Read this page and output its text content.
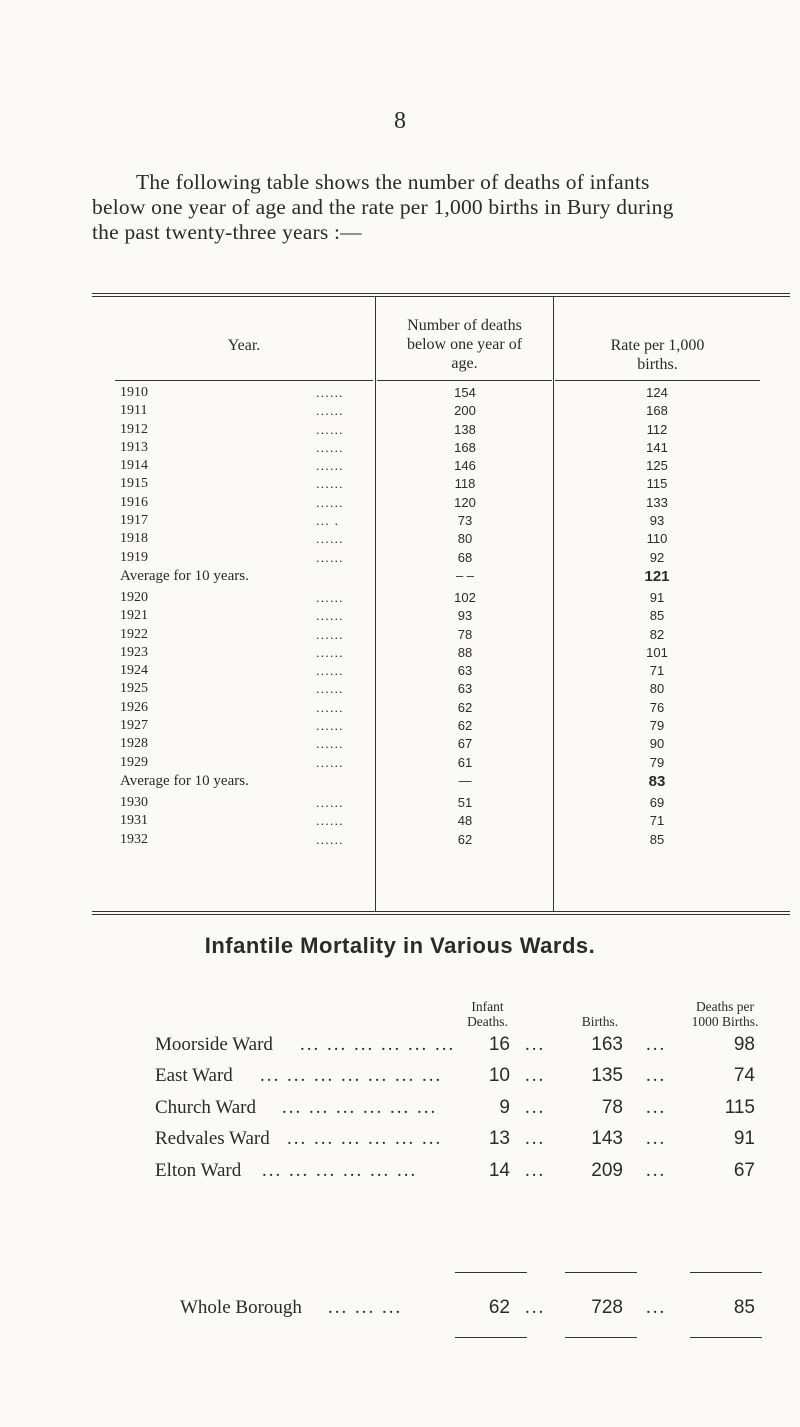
8
The following table shows the number of deaths of infants
below one year of age and the rate per 1,000 births in Bury during
the past twenty-three years :—
Year.
Number of deaths
below one year of
age.
Rate per 1,000
births.
1910	......	154	124
1911	......	200	168
1912	......	138	112
1913	......	168	141
1914	......	146	125
1915	......	118	115
1916	......	120	133
1917	... .	73	93
1918	......	80	110
1919	......	68	92
Average for 10 years.	– –	121
1920	......	102	91
1921	......	93	85
1922	......	78	82
1923	......	88	101
1924	......	63	71
1925	......	63	80
1926	......	62	76
1927	......	62	79
1928	......	67	90
1929	......	61	79
Average for 10 years.	—	83
1930	......	51	69
1931	......	48	71
1932	......	62	85
Infantile Mortality in Various Wards.
Infant
Deaths.	Births.
Deaths per
1000 Births.
Moorside Ward ... ... ... ... ... ...	16 ...	163 ...	98
East Ward ... ... ... ... ... ... ...	10 ...	135 ...	74
Church Ward ... ... ... ... ... ...	9 ...	78 ...	115
Redvales Ward ... ... ... ... ... ...	13 ...	143 ...	91
Elton Ward ... ... ... ... ... ...	14 ...	209 ...	67
Whole Borough ... ... ...	62 ...	728 ...	85
